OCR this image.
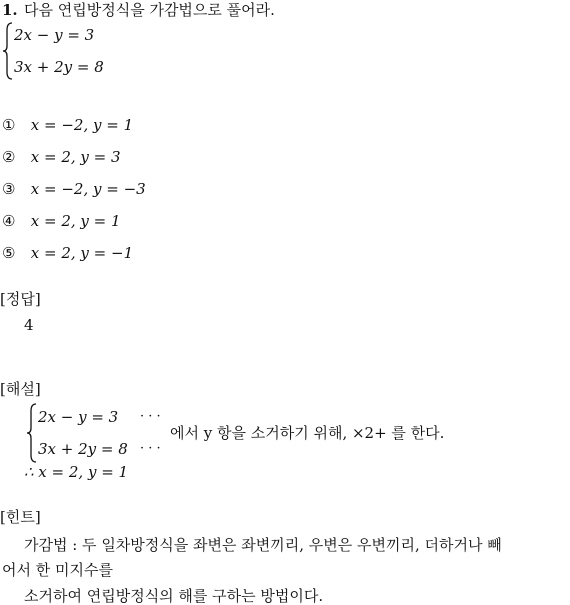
1. 다음 연립방정식을 가감법으로 풀어라.
2x − y = 3
3x + 2y = 8
① x = −2, y = 1
② x = 2, y = 3
③ x = −2, y = −3
④ x = 2, y = 1
⑤ x = 2, y = −1
[정답]
4
[해설]
2x − y = 3 · · ·
3x + 2y = 8 · · ·
에서 y 항을 소거하기 위해, ×2+ 를 한다.
∴ x = 2, y = 1
[힌트]
가감법 : 두 일차방정식을 좌변은 좌변끼리, 우변은 우변끼리, 더하거나 빼
어서 한 미지수를
소거하여 연립방정식의 해를 구하는 방법이다.
